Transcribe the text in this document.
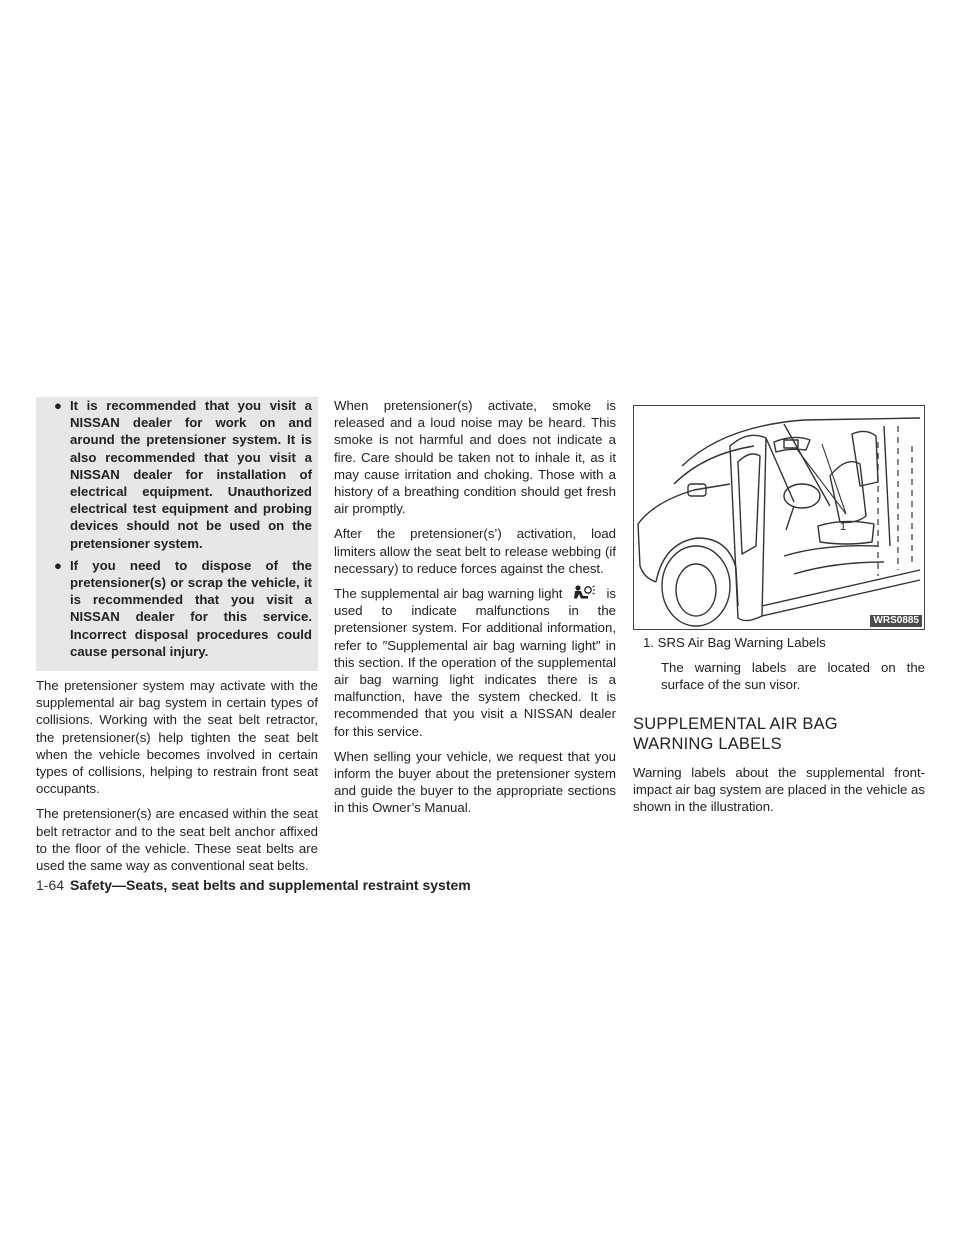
● It is recommended that you visit a NISSAN dealer for work on and around the pretensioner system. It is also recommended that you visit a NISSAN dealer for installation of electrical equipment. Unauthorized electrical test equipment and probing devices should not be used on the pretensioner system.
● If you need to dispose of the pretensioner(s) or scrap the vehicle, it is recommended that you visit a NISSAN dealer for this service. Incorrect disposal procedures could cause personal injury.

The pretensioner system may activate with the supplemental air bag system in certain types of collisions. Working with the seat belt retractor, the pretensioner(s) help tighten the seat belt when the vehicle becomes involved in certain types of collisions, helping to restrain front seat occupants.

The pretensioner(s) are encased within the seat belt retractor and to the seat belt anchor affixed to the floor of the vehicle. These seat belts are used the same way as conventional seat belts.

When pretensioner(s) activate, smoke is released and a loud noise may be heard. This smoke is not harmful and does not indicate a fire. Care should be taken not to inhale it, as it may cause irritation and choking. Those with a history of a breathing condition should get fresh air promptly.

After the pretensioner(s’) activation, load limiters allow the seat belt to release webbing (if necessary) to reduce forces against the chest.

The supplemental air bag warning light	is used to indicate malfunctions in the pretensioner system. For additional information, refer to ″Supplemental air bag warning light″ in this section. If the operation of the supplemental air bag warning light indicates there is a malfunction, have the system checked. It is recommended that you visit a NISSAN dealer for this service.

When selling your vehicle, we request that you inform the buyer about the pretensioner system and guide the buyer to the appropriate sections in this Owner’s Manual.

1
WRS0885
1. SRS Air Bag Warning Labels
The warning labels are located on the surface of the sun visor.
SUPPLEMENTAL AIR BAG
WARNING LABELS

Warning labels about the supplemental front-impact air bag system are placed in the vehicle as shown in the illustration.

1-64 Safety—Seats, seat belts and supplemental restraint system
